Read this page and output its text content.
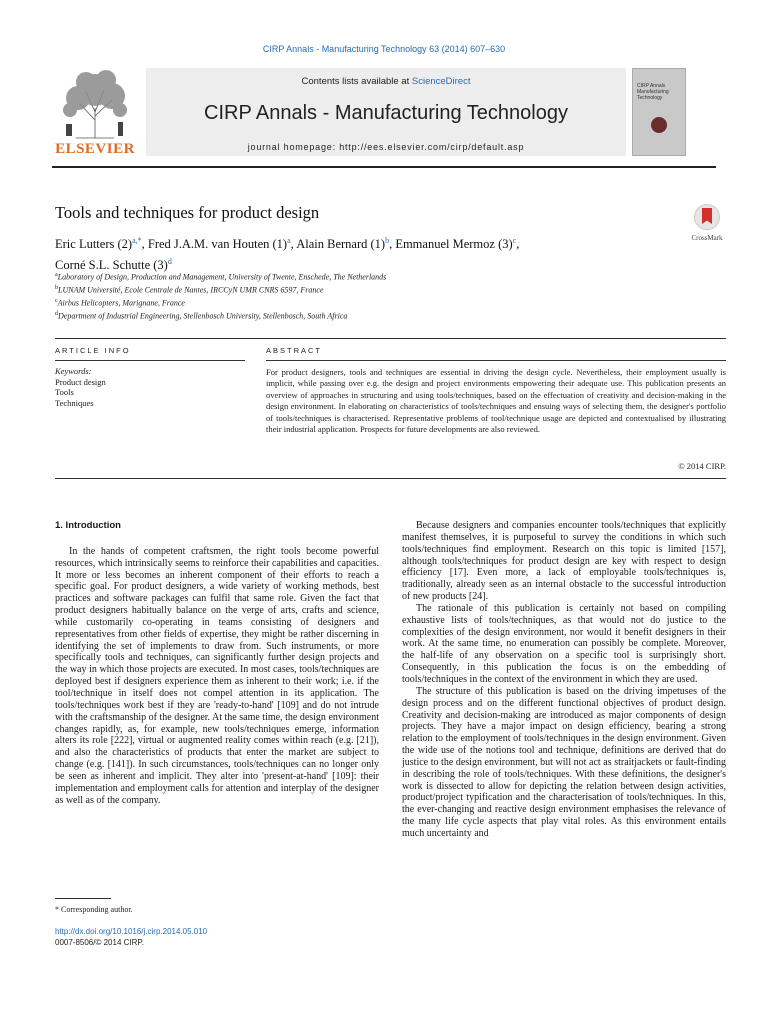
CIRP Annals - Manufacturing Technology 63 (2014) 607–630
ELSEVIER
Contents lists available at ScienceDirect
CIRP Annals - Manufacturing Technology
journal homepage: http://ees.elsevier.com/cirp/default.asp
CIRP Annals Manufacturing Technology
Tools and techniques for product design
CrossMark
Eric Lutters $(2)^{a,*}$, Fred J.A.M. van Houten $(1)^a$, Alain Bernard $(1)^b$, Emmanuel Mermoz $(3)^c$,
Corné S.L. Schutte $(3)^d$
$^a$Laboratory of Design, Production and Management, University of Twente, Enschede, The Netherlands
$^b$LUNAM Université, Ecole Centrale de Nantes, IRCCyN UMR CNRS 6597, France
$^c$Airbus Helicopters, Marignane, France
$^d$Department of Industrial Engineering, Stellenbosch University, Stellenbosch, South Africa
ARTICLE INFO	ABSTRACT
Keywords:
Product design
Tools
Techniques
For product designers, tools and techniques are essential in driving the design cycle. Nevertheless, their employment usually is implicit, while passing over e.g. the design and project environments empowering their adequate use. This publication presents an overview of approaches in structuring and using tools/techniques, based on the effectuation of creativity and decision-making in the design environment. In elaborating on characteristics of tools/techniques and ensuing ways of selecting them, the designer's portfolio of tools/techniques is characterised. Representative problems of tool/technique usage are depicted and contextualised by illustrating their industrial application. Prospects for future developments are also reviewed.
© 2014 CIRP.
1. Introduction

In the hands of competent craftsmen, the right tools become powerful resources, which intrinsically seems to reinforce their capabilities and capacities. It more or less becomes an inherent component of their efforts to reach a specific goal. For product designers, a wide variety of working methods, best practices and software packages can fulfil that same role. Given the fact that product designers habitually balance on the verge of arts, crafts and science, while customarily co-operating in teams consisting of designers and representatives from other fields of expertise, they might be rather discerning in identifying the set of implements to draw from. Such instruments, or more specifically tools and techniques, can significantly further design projects and the way in which those projects are executed. In most cases, tools/techniques are deployed best if designers experience them as inherent to their work; i.e. if the tool/technique in itself does not compel attention in its application. The tools/techniques work best if they are 'ready-to-hand' [109] and do not intrude with the craftsmanship of the designer. At the same time, the design environment changes rapidly, as, for example, new tools/techniques emerge, information alters its role [222], virtual or augmented reality comes within reach (e.g. [21]), and also the characteristics of products that enter the market are subject to change (e.g. [141]). In such circumstances, tools/techniques can no longer only be seen as inherent and implicit. They alter into 'present-at-hand' [109]: their implementation and employment calls for attention and interplay of the designer as well as of the company.

Because designers and companies encounter tools/techniques that explicitly manifest themselves, it is purposeful to survey the conditions in which such tools/techniques find employment. Research on this topic is limited [157], although tools/techniques for product design are key with respect to design efficiency [17]. Even more, a lack of employable tools/techniques is, traditionally, already seen as an internal obstacle to the successful introduction of new products [24].

The rationale of this publication is certainly not based on compiling exhaustive lists of tools/techniques, as that would not do justice to the complexities of the design environment, nor would it benefit designers in their work. At the same time, no enumeration can possibly be complete. Moreover, the half-life of any observation on a specific tool is surprisingly short. Consequently, in this publication the focus is on the embedding of tools/techniques in the context of the environment in which they are used.

The structure of this publication is based on the driving impetuses of the design process and on the different functional objectives of product design. Creativity and decision-making are introduced as major components of design projects. They have a major impact on design efficiency, bearing a strong relation to the employment of tools/techniques in the design environment. Given the wide use of the notions tool and technique, definitions are derived that do justice to the design environment, but will not act as straitjackets or fault-finding in describing the role of tools/techniques. With these definitions, the designer's work is dissected to allow for depicting the relation between design activities, product/project typification and the characterisation of tools/techniques. In this, the ever-changing and reactive design environment emphasises the relevance of the many life cycle aspects that play vital roles. As this environment entails much uncertainty and

* Corresponding author.
http://dx.doi.org/10.1016/j.cirp.2014.05.010
0007-8506/© 2014 CIRP.
